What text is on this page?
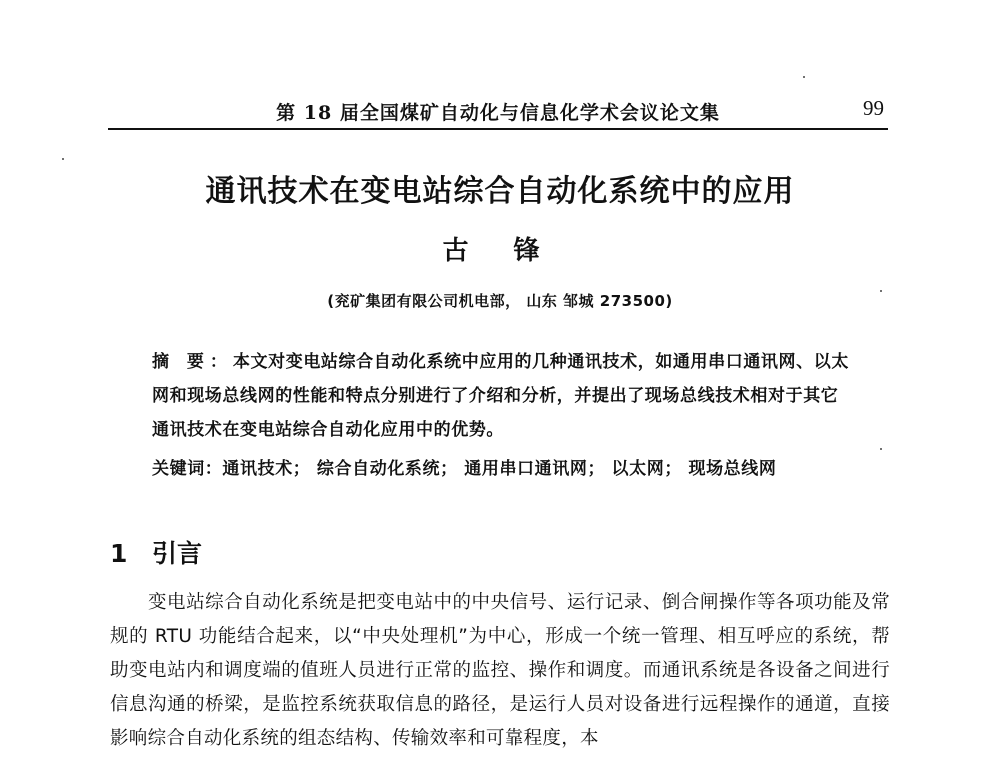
第 18 届全国煤矿自动化与信息化学术会议论文集	99
通讯技术在变电站综合自动化系统中的应用
古 锋
(兖矿集团有限公司机电部， 山东 邹城 273500)
摘 要：本文对变电站综合自动化系统中应用的几种通讯技术，如通用串口通讯网、以太网和现场总线网的性能和特点分别进行了介绍和分析，并提出了现场总线技术相对于其它通讯技术在变电站综合自动化应用中的优势。
关键词：通讯技术； 综合自动化系统； 通用串口通讯网； 以太网； 现场总线网
1 引言
变电站综合自动化系统是把变电站中的中央信号、运行记录、倒合闸操作等各项功能及常规的 RTU 功能结合起来，以“中央处理机”为中心，形成一个统一管理、相互呼应的系统，帮助变电站内和调度端的值班人员进行正常的监控、操作和调度。而通讯系统是各设备之间进行信息沟通的桥梁，是监控系统获取信息的路径，是运行人员对设备进行远程操作的通道，直接影响综合自动化系统的组态结构、传输效率和可靠程度，本
